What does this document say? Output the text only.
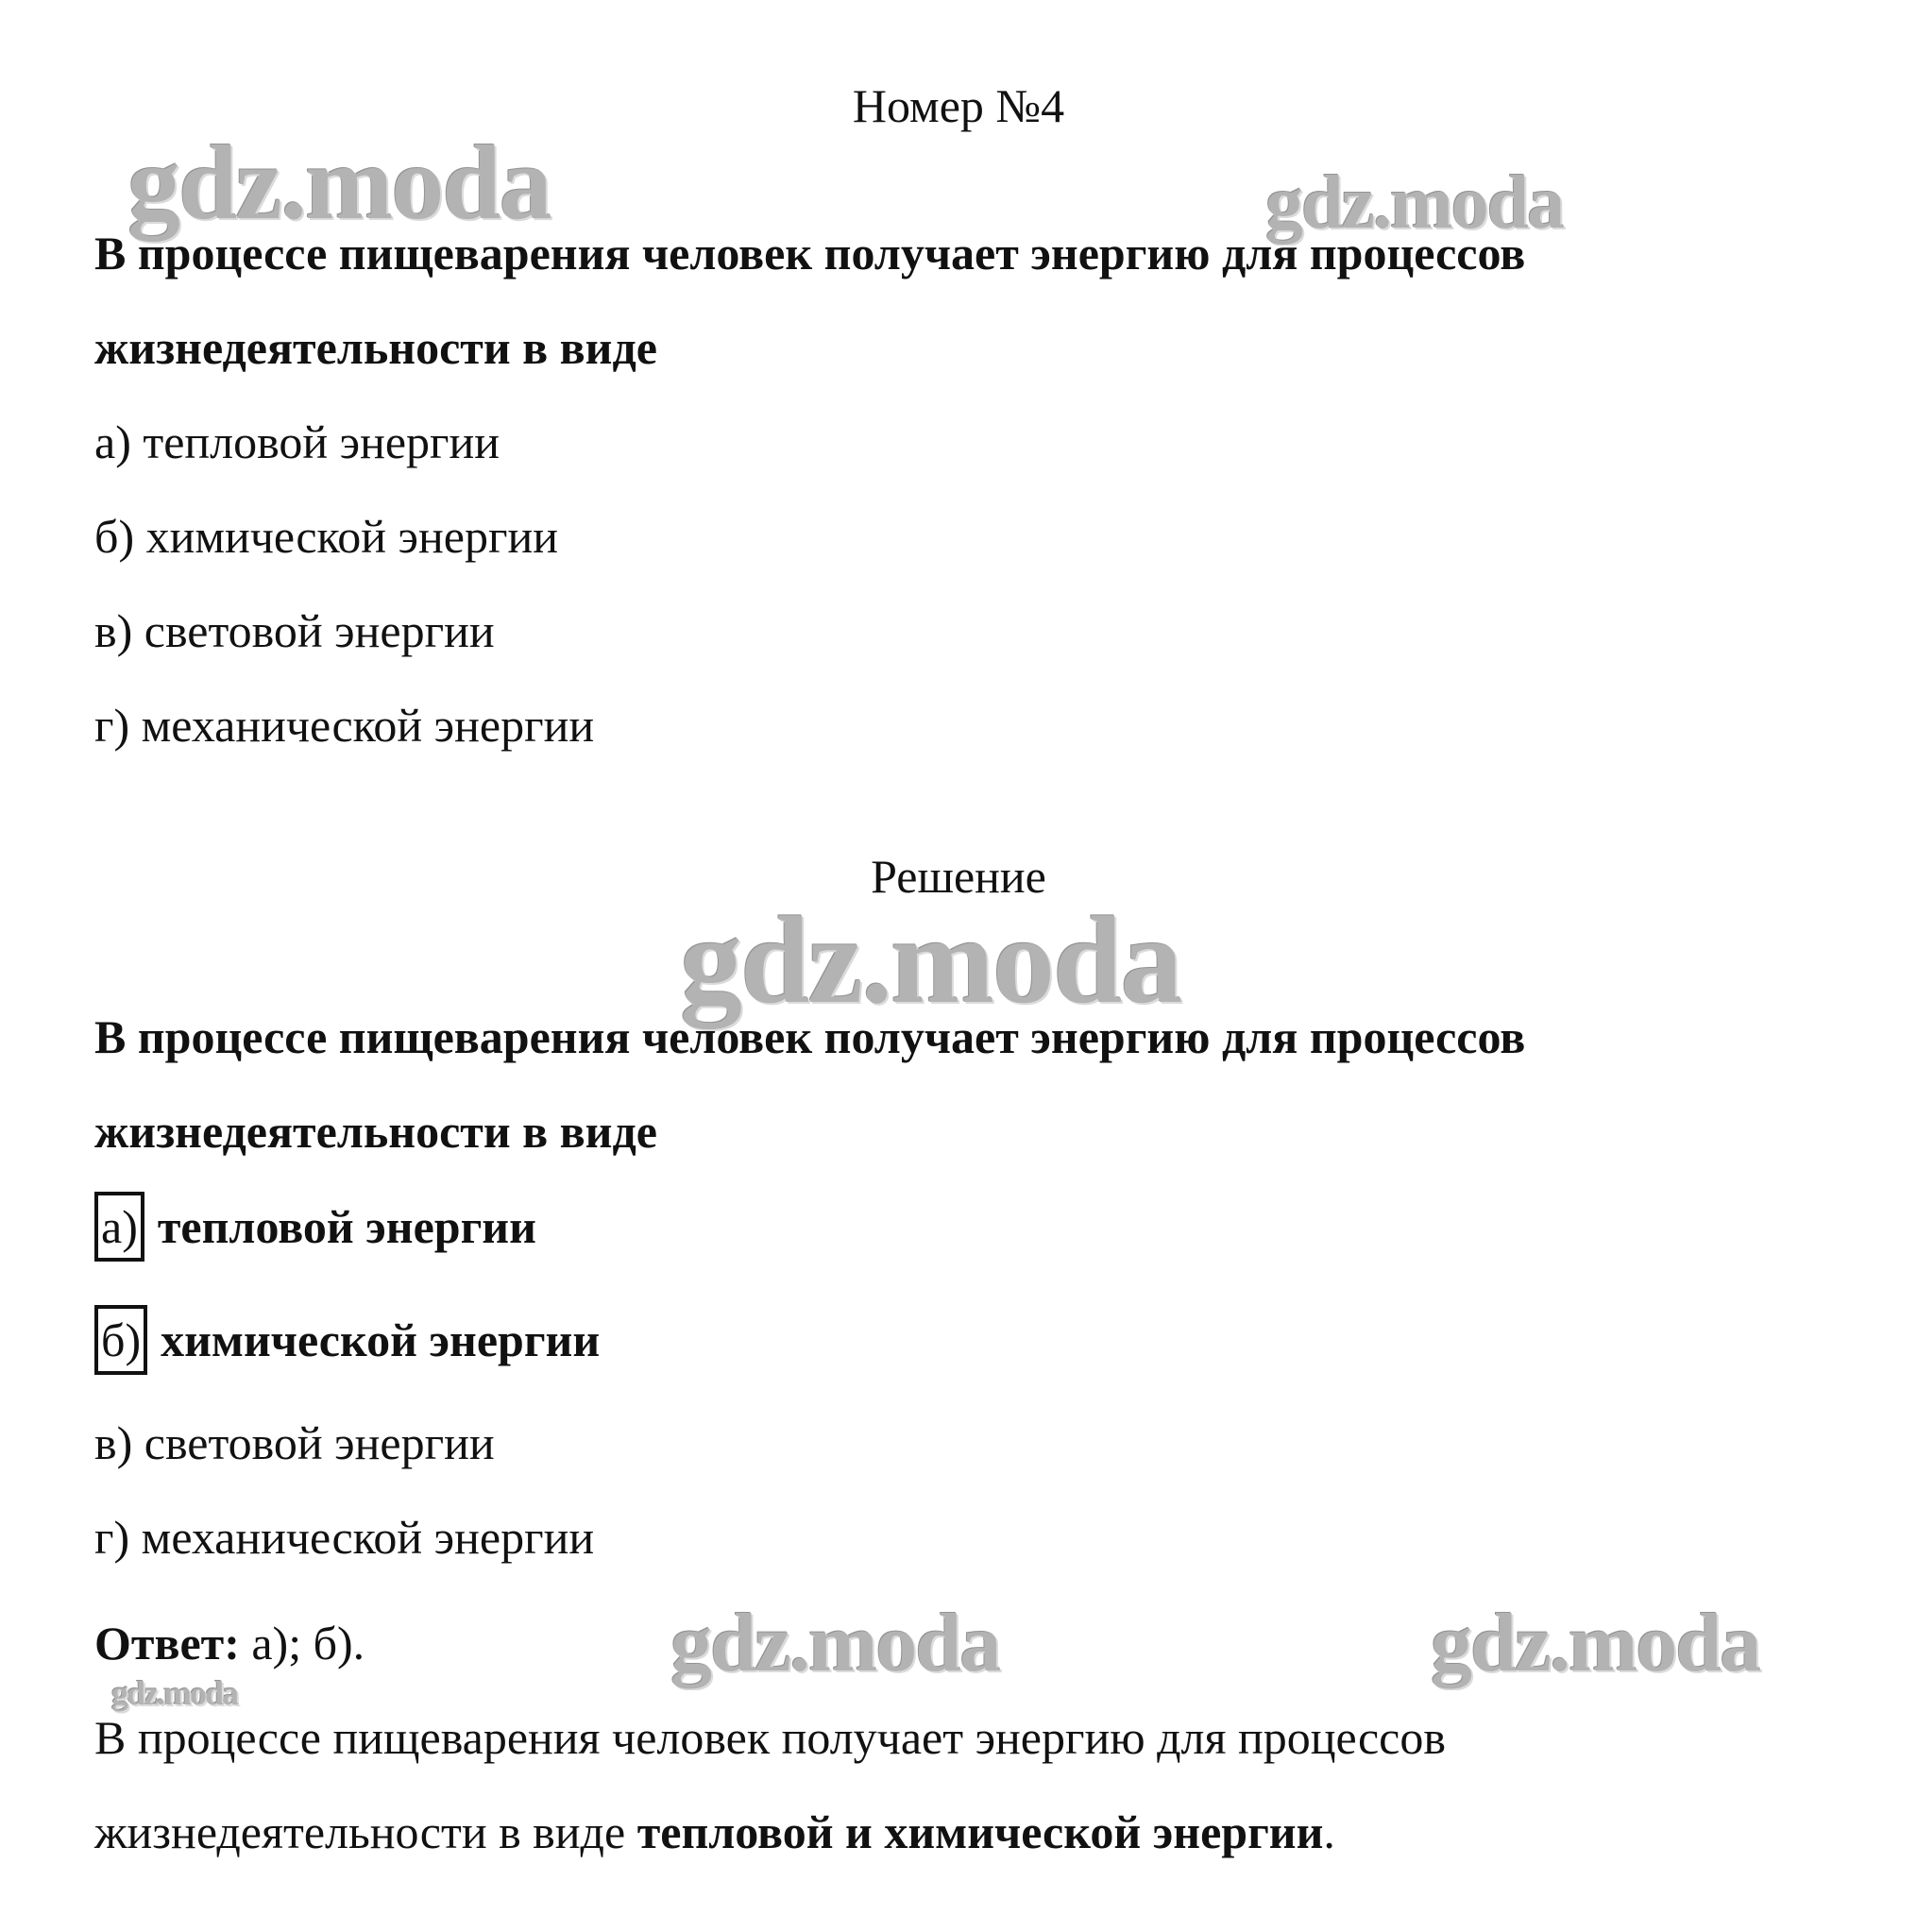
gdz.moda	gdz.moda
gdz.moda
gdz.moda	gdz.moda
gdz.moda
Номер №4
В процессе пищеварения человек получает энергию для процессов
жизнедеятельности в виде
а) тепловой энергии
б) химической энергии
в) световой энергии
г) механической энергии
Решение
В процессе пищеварения человек получает энергию для процессов
жизнедеятельности в виде
а) тепловой энергии
б) химической энергии
в) световой энергии
г) механической энергии
Ответ: а); б).
В процессе пищеварения человек получает энергию для процессов
жизнедеятельности в виде тепловой и химической энергии.
